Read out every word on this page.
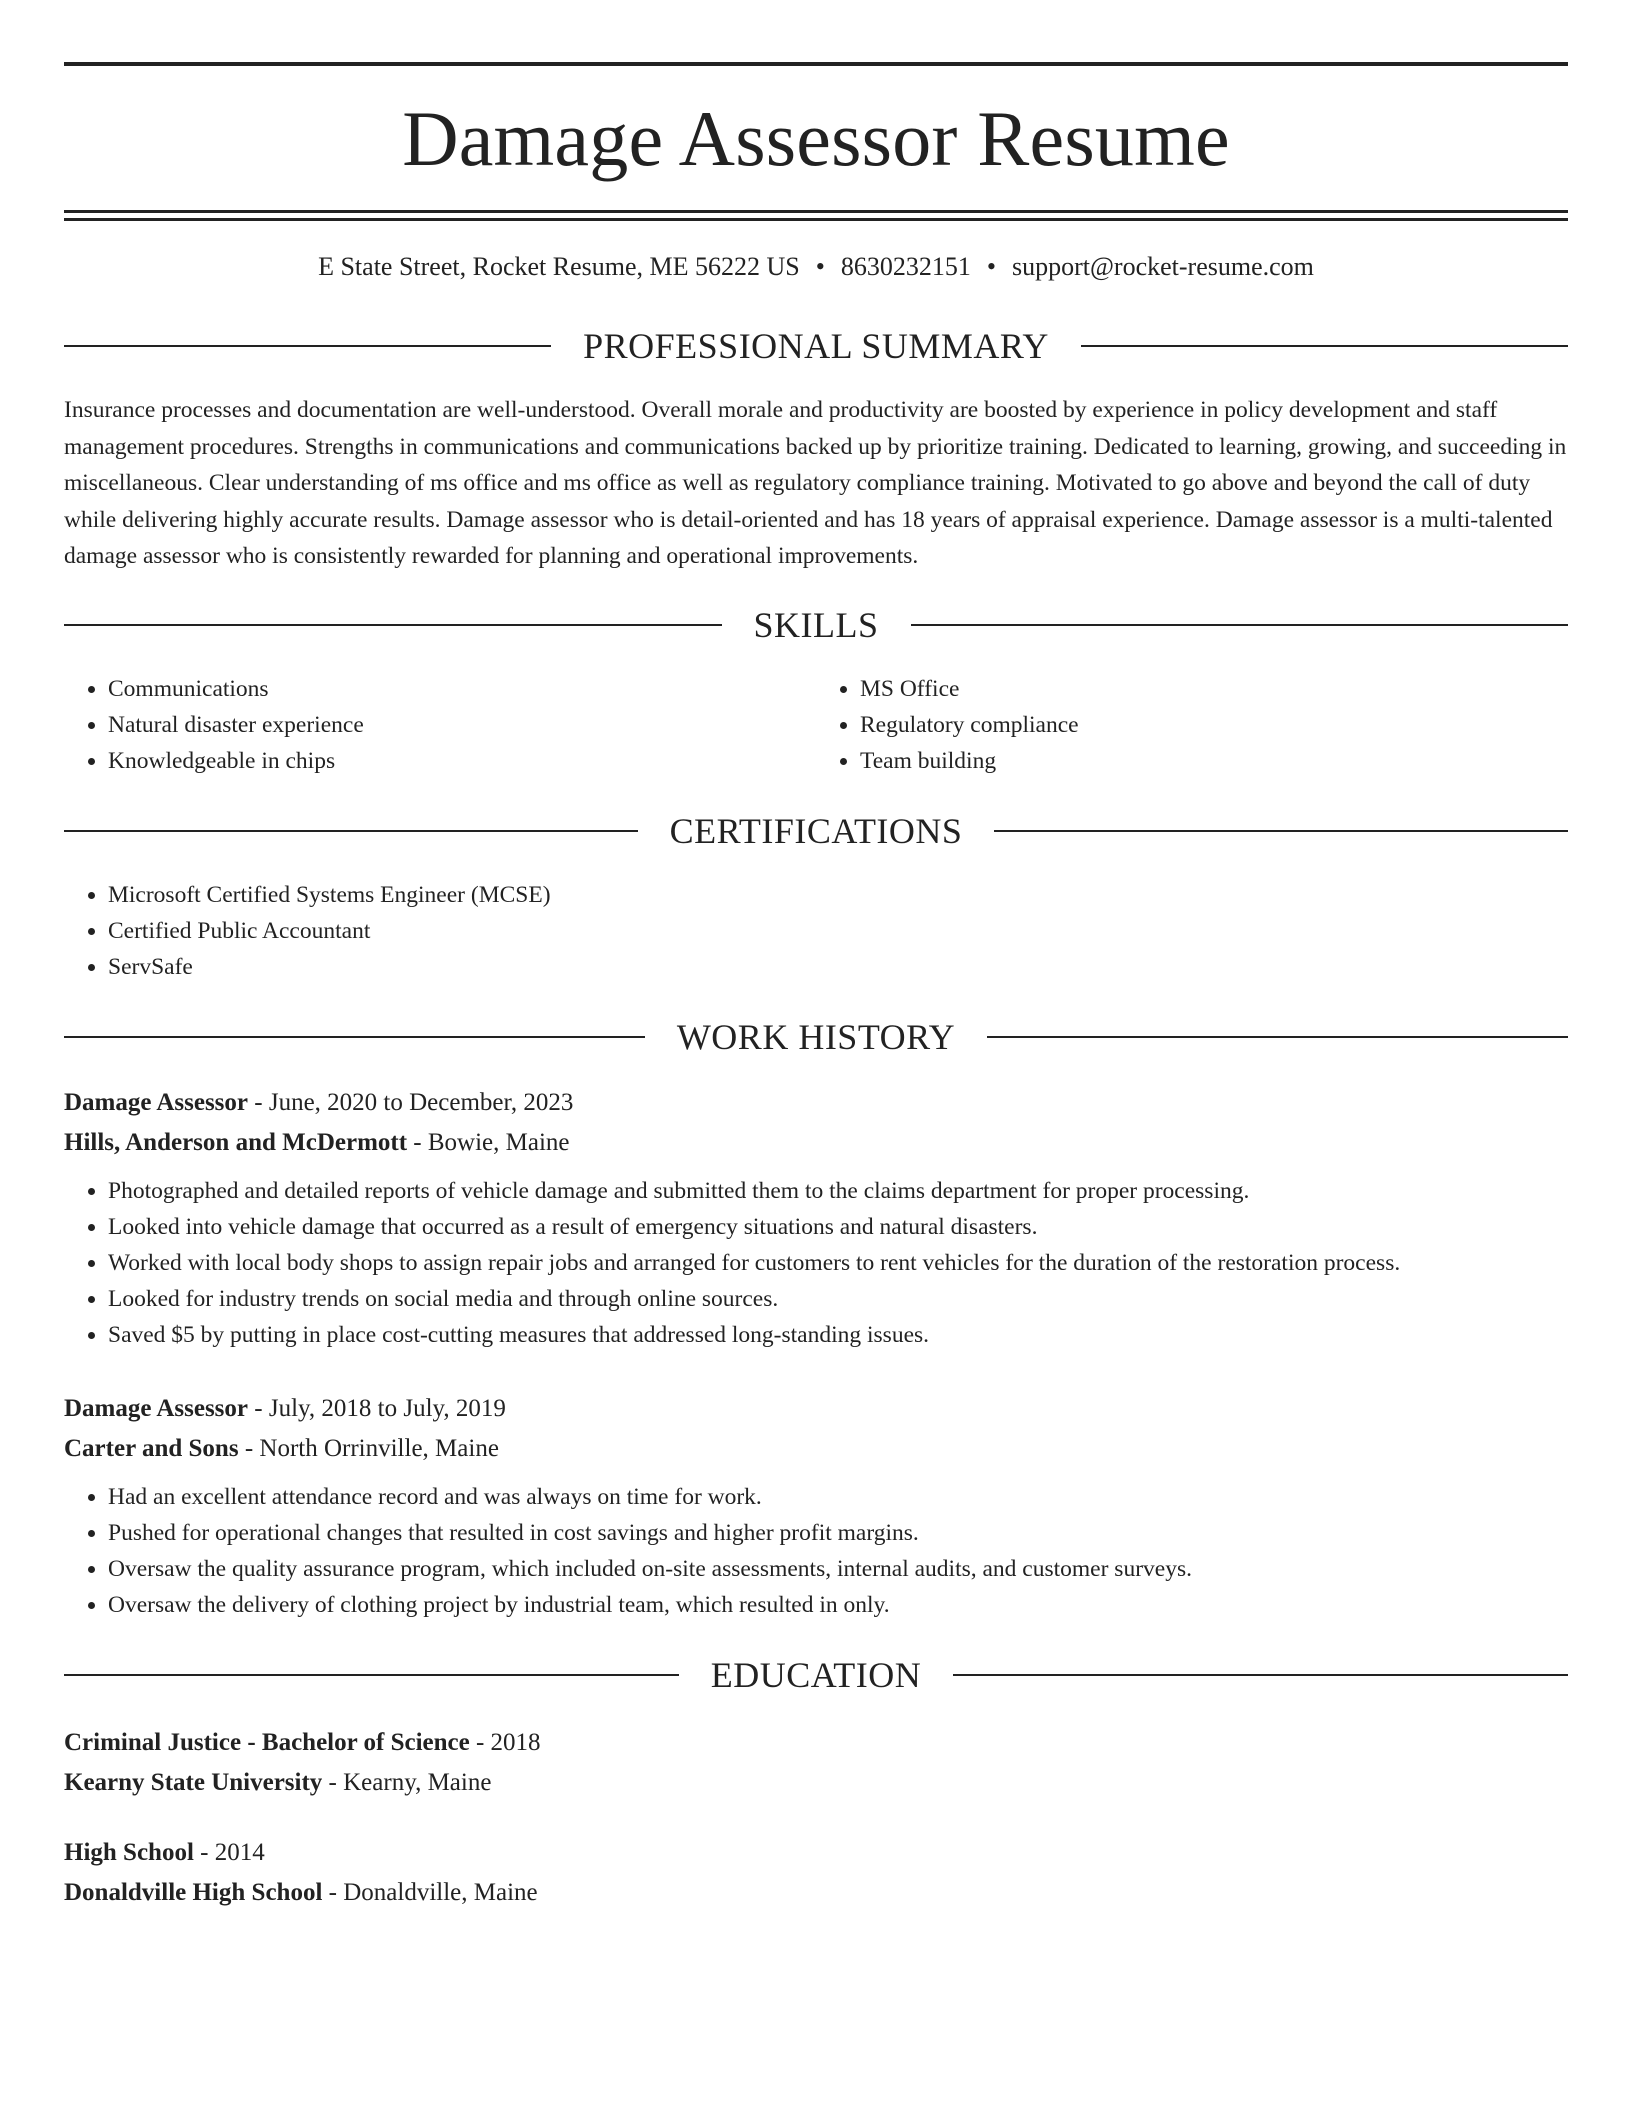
Damage Assessor Resume
E State Street, Rocket Resume, ME 56222 US • 8630232151 • support@rocket-resume.com
PROFESSIONAL SUMMARY

Insurance processes and documentation are well-understood. Overall morale and productivity are boosted by experience in policy development and staff management procedures. Strengths in communications and communications backed up by prioritize training. Dedicated to learning, growing, and succeeding in miscellaneous. Clear understanding of ms office and ms office as well as regulatory compliance training. Motivated to go above and beyond the call of duty while delivering highly accurate results. Damage assessor who is detail-oriented and has 18 years of appraisal experience. Damage assessor is a multi-talented damage assessor who is consistently rewarded for planning and operational improvements.

SKILLS
• Communications
• Natural disaster experience
• Knowledgeable in chips
• MS Office
• Regulatory compliance
• Team building
CERTIFICATIONS
• Microsoft Certified Systems Engineer (MCSE)
• Certified Public Accountant
• ServSafe
WORK HISTORY
Damage Assessor - June, 2020 to December, 2023
Hills, Anderson and McDermott - Bowie, Maine
• Photographed and detailed reports of vehicle damage and submitted them to the claims department for proper processing.
• Looked into vehicle damage that occurred as a result of emergency situations and natural disasters.
• Worked with local body shops to assign repair jobs and arranged for customers to rent vehicles for the duration of the restoration process.
• Looked for industry trends on social media and through online sources.
• Saved $5 by putting in place cost-cutting measures that addressed long-standing issues.
Damage Assessor - July, 2018 to July, 2019
Carter and Sons - North Orrinville, Maine
• Had an excellent attendance record and was always on time for work.
• Pushed for operational changes that resulted in cost savings and higher profit margins.
• Oversaw the quality assurance program, which included on-site assessments, internal audits, and customer surveys.
• Oversaw the delivery of clothing project by industrial team, which resulted in only.
EDUCATION
Criminal Justice - Bachelor of Science - 2018
Kearny State University - Kearny, Maine
High School - 2014
Donaldville High School - Donaldville, Maine
